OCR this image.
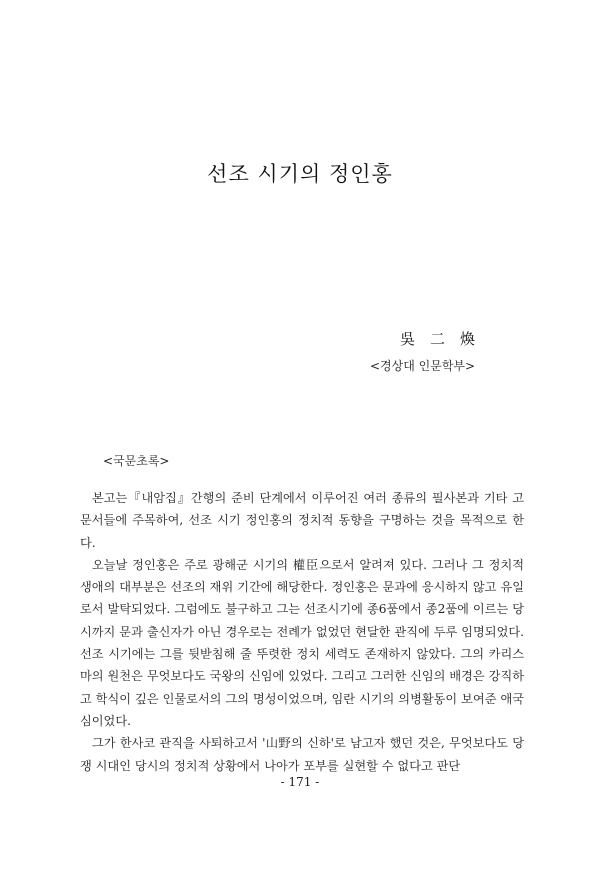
선조 시기의 정인홍
吳　二　煥
<경상대 인문학부>
<국문초록>

본고는『내암집』간행의 준비 단계에서 이루어진 여러 종류의 필사본과 기타 고문서들에 주목하여, 선조 시기 정인홍의 정치적 동향을 구명하는 것을 목적으로 한다.

오늘날 정인홍은 주로 광해군 시기의 權臣으로서 알려져 있다. 그러나 그 정치적 생애의 대부분은 선조의 재위 기간에 해당한다. 정인홍은 문과에 응시하지 않고 유일로서 발탁되었다. 그럼에도 불구하고 그는 선조시기에 종6품에서 종2품에 이르는 당시까지 문과 출신자가 아닌 경우로는 전례가 없었던 현달한 관직에 두루 임명되었다. 선조 시기에는 그를 뒷받침해 줄 뚜렷한 정치 세력도 존재하지 않았다. 그의 카리스마의 원천은 무엇보다도 국왕의 신임에 있었다. 그리고 그러한 신임의 배경은 강직하고 학식이 깊은 인물로서의 그의 명성이었으며, 임란 시기의 의병활동이 보여준 애국심이었다.

그가 한사코 관직을 사퇴하고서 '山野의 신하'로 남고자 했던 것은, 무엇보다도 당쟁 시대인 당시의 정치적 상황에서 나아가 포부를 실현할 수 없다고 판단

- 171 -
